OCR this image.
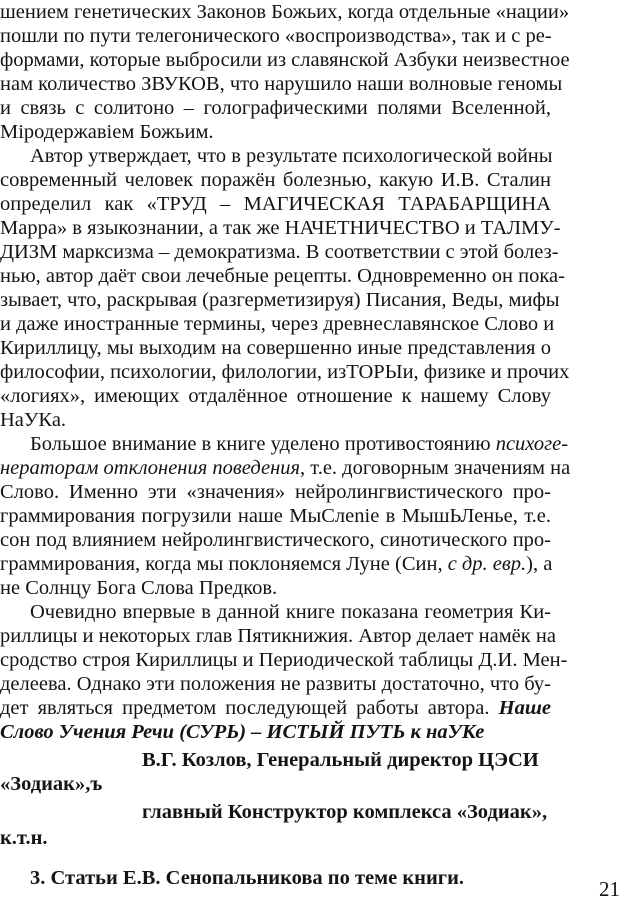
шением генетических Законов Божьих, когда отдельные «нации»
пошли по пути телегонического «воспроизводства», так и с ре-
формами, которые выбросили из славянской Азбуки неизвестное
нам количество ЗВУКОВ, что нарушило наши волновые геномы
и связь с солитоно – голографическими полями Вселенной,
Міродержавіем Божьим.
Автор утверждает, что в результате психологической войны
современный человек поражён болезнью, какую И.В. Сталин
определил как «ТРУД – МАГИЧЕСКАЯ ТАРАБАРЩИНА
Марра» в языкознании, а так же НАЧЕТНИЧЕСТВО и ТАЛМУ-
ДИЗМ марксизма – демократизма. В соответствии с этой болез-
нью, автор даёт свои лечебные рецепты. Одновременно он пока-
зывает, что, раскрывая (разгерметизируя) Писания, Веды, мифы
и даже иностранные термины, через древнеславянское Слово и
Кириллицу, мы выходим на совершенно иные представления о
философии, психологии, филологии, изТОРЫи, физике и прочих
«логиях», имеющих отдалённое отношение к нашему Слову
НаУКа.
Большое внимание в книге уделено противостоянию психоге-
нераторам отклонения поведения, т.е. договорным значениям на
Слово. Именно эти «значения» нейролингвистического про-
граммирования погрузили наше МыСлеnie в МышЬЛенье, т.е.
сон под влиянием нейролингвистического, синотического про-
граммирования, когда мы поклоняемся Луне (Син, с др. евр.), а
не Солнцу Бога Слова Предков.
Очевидно впервые в данной книге показана геометрия Ки-
риллицы и некоторых глав Пятикнижия. Автор делает намёк на
сродство строя Кириллицы и Периодической таблицы Д.И. Мен-
делеева. Однако эти положения не развиты достаточно, что бу-
дет являться предметом последующей работы автора. Наше
Слово Учения Речи (СУРЬ) – ИСТЫЙ ПУТЬ к наУКе
В.Г. Козлов, Генеральный директор ЦЭСИ
«Зодиак»,ъ
главный Конструктор комплекса «Зодиак»,
к.т.н.
3. Статьи Е.В. Сенопальникова по теме книги.	21
